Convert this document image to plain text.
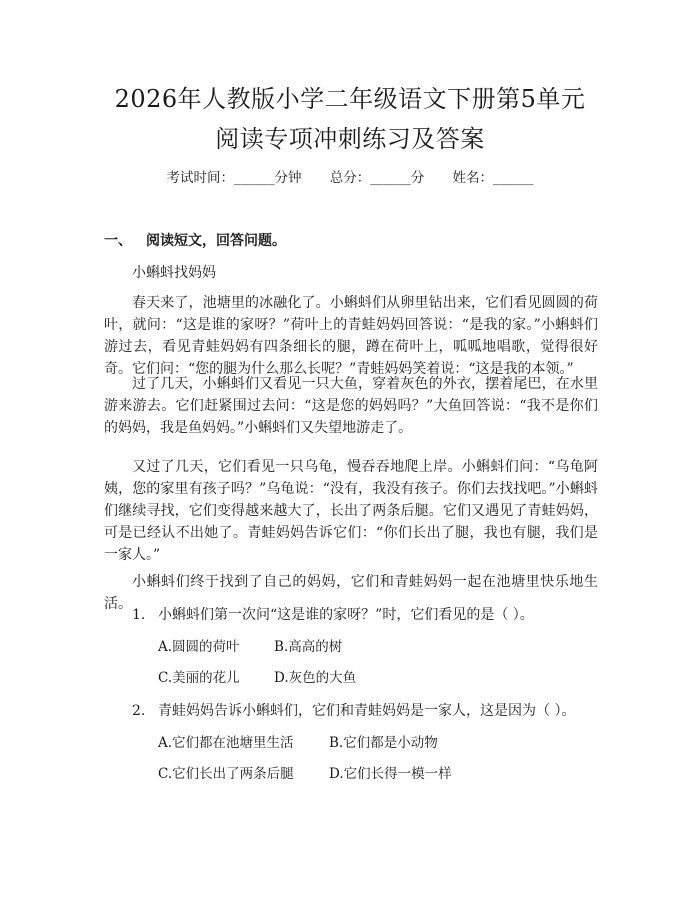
2026年人教版小学二年级语文下册第5单元
阅读专项冲刺练习及答案
考试时间：______分钟 总分：______分 姓名：______
一、 阅读短文，回答问题。
小蝌蚪找妈妈

春天来了，池塘里的冰融化了。小蝌蚪们从卵里钻出来，它们看见圆圆的荷叶，就问：“这是谁的家呀？”荷叶上的青蛙妈妈回答说：“是我的家。”小蝌蚪们游过去，看见青蛙妈妈有四条细长的腿，蹲在荷叶上，呱呱地唱歌，觉得很好奇。它们问：“您的腿为什么那么长呢？”青蛙妈妈笑着说：“这是我的本领。”

过了几天，小蝌蚪们又看见一只大鱼，穿着灰色的外衣，摆着尾巴，在水里游来游去。它们赶紧围过去问：“这是您的妈妈吗？”大鱼回答说：“我不是你们的妈妈，我是鱼妈妈。”小蝌蚪们又失望地游走了。

又过了几天，它们看见一只乌龟，慢吞吞地爬上岸。小蝌蚪们问：“乌龟阿姨，您的家里有孩子吗？”乌龟说：“没有，我没有孩子。你们去找找吧。”小蝌蚪们继续寻找，它们变得越来越大了，长出了两条后腿。它们又遇见了青蛙妈妈，可是已经认不出她了。青蛙妈妈告诉它们：“你们长出了腿，我也有腿，我们是一家人。”

小蝌蚪们终于找到了自己的妈妈，它们和青蛙妈妈一起在池塘里快乐地生活。

1. 小蝌蚪们第一次问“这是谁的家呀？”时，它们看见的是（ ）。
A.圆圆的荷叶	B.高高的树
C.美丽的花儿	D.灰色的大鱼
2. 青蛙妈妈告诉小蝌蚪们，它们和青蛙妈妈是一家人，这是因为（ ）。
A.它们都在池塘里生活	B.它们都是小动物
C.它们长出了两条后腿	D.它们长得一模一样
